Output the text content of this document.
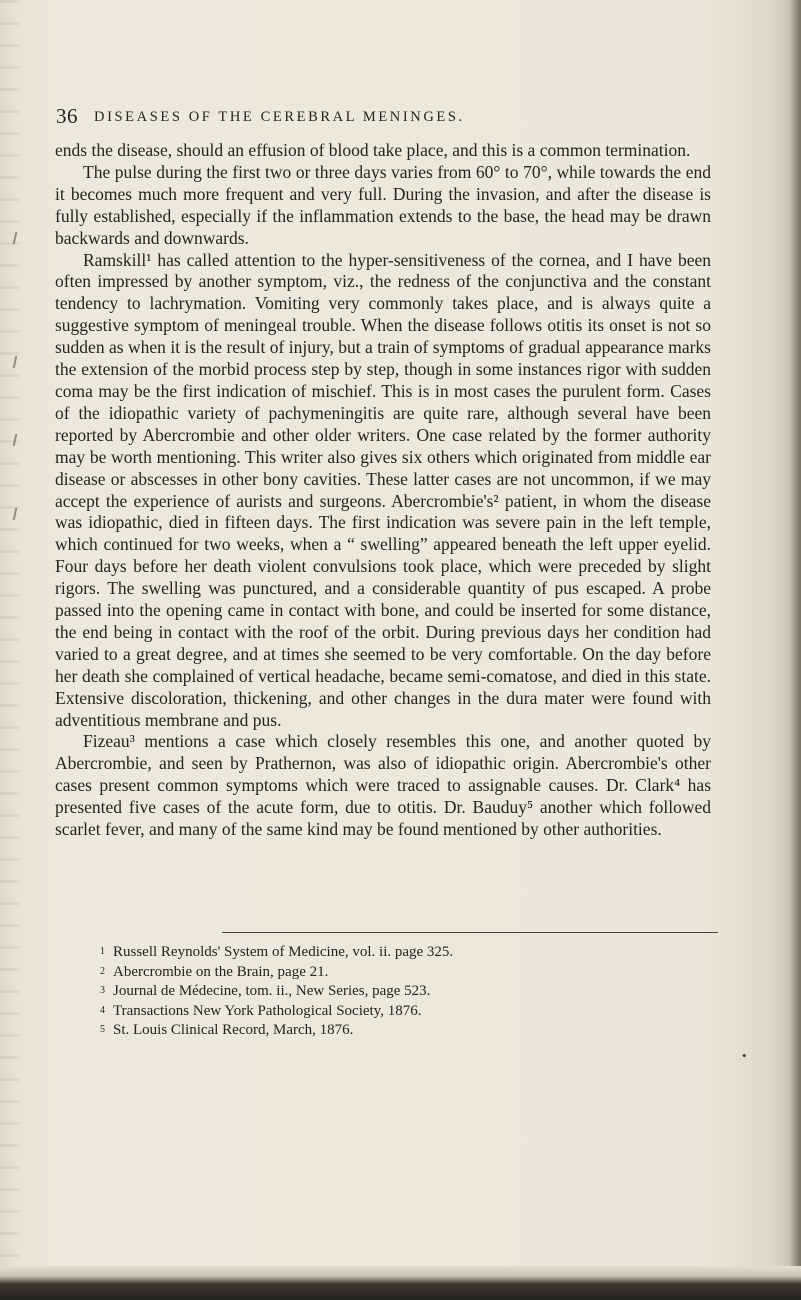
36 DISEASES OF THE CEREBRAL MENINGES.

ends the disease, should an effusion of blood take place, and this is a common termination.

The pulse during the first two or three days varies from 60° to 70°, while towards the end it becomes much more frequent and very full. During the invasion, and after the disease is fully established, especially if the inflammation extends to the base, the head may be drawn backwards and downwards.

Ramskill¹ has called attention to the hyper-sensitiveness of the cornea, and I have been often impressed by another symptom, viz., the redness of the conjunctiva and the constant tendency to lachrymation. Vomiting very commonly takes place, and is always quite a suggestive symptom of meningeal trouble. When the disease follows otitis its onset is not so sudden as when it is the result of injury, but a train of symptoms of gradual appearance marks the extension of the morbid process step by step, though in some instances rigor with sudden coma may be the first indication of mischief. This is in most cases the purulent form. Cases of the idiopathic variety of pachymeningitis are quite rare, although several have been reported by Abercrombie and other older writers. One case related by the former authority may be worth mentioning. This writer also gives six others which originated from middle ear disease or abscesses in other bony cavities. These latter cases are not uncommon, if we may accept the experience of aurists and surgeons. Abercrombie's² patient, in whom the disease was idiopathic, died in fifteen days. The first indication was severe pain in the left temple, which continued for two weeks, when a “ swelling” appeared beneath the left upper eyelid. Four days before her death violent convulsions took place, which were preceded by slight rigors. The swelling was punctured, and a considerable quantity of pus escaped. A probe passed into the opening came in contact with bone, and could be inserted for some distance, the end being in contact with the roof of the orbit. During previous days her condition had varied to a great degree, and at times she seemed to be very comfortable. On the day before her death she complained of vertical headache, became semi-comatose, and died in this state. Extensive discoloration, thickening, and other changes in the dura mater were found with adventitious membrane and pus.

Fizeau³ mentions a case which closely resembles this one, and another quoted by Abercrombie, and seen by Prathernon, was also of idiopathic origin. Abercrombie's other cases present common symptoms which were traced to assignable causes. Dr. Clark⁴ has presented five cases of the acute form, due to otitis. Dr. Bauduy⁵ another which followed scarlet fever, and many of the same kind may be found mentioned by other authorities.

1 Russell Reynolds' System of Medicine, vol. ii. page 325.
2 Abercrombie on the Brain, page 21.
3 Journal de Médecine, tom. ii., New Series, page 523.
4 Transactions New York Pathological Society, 1876.
5 St. Louis Clinical Record, March, 1876.
•
